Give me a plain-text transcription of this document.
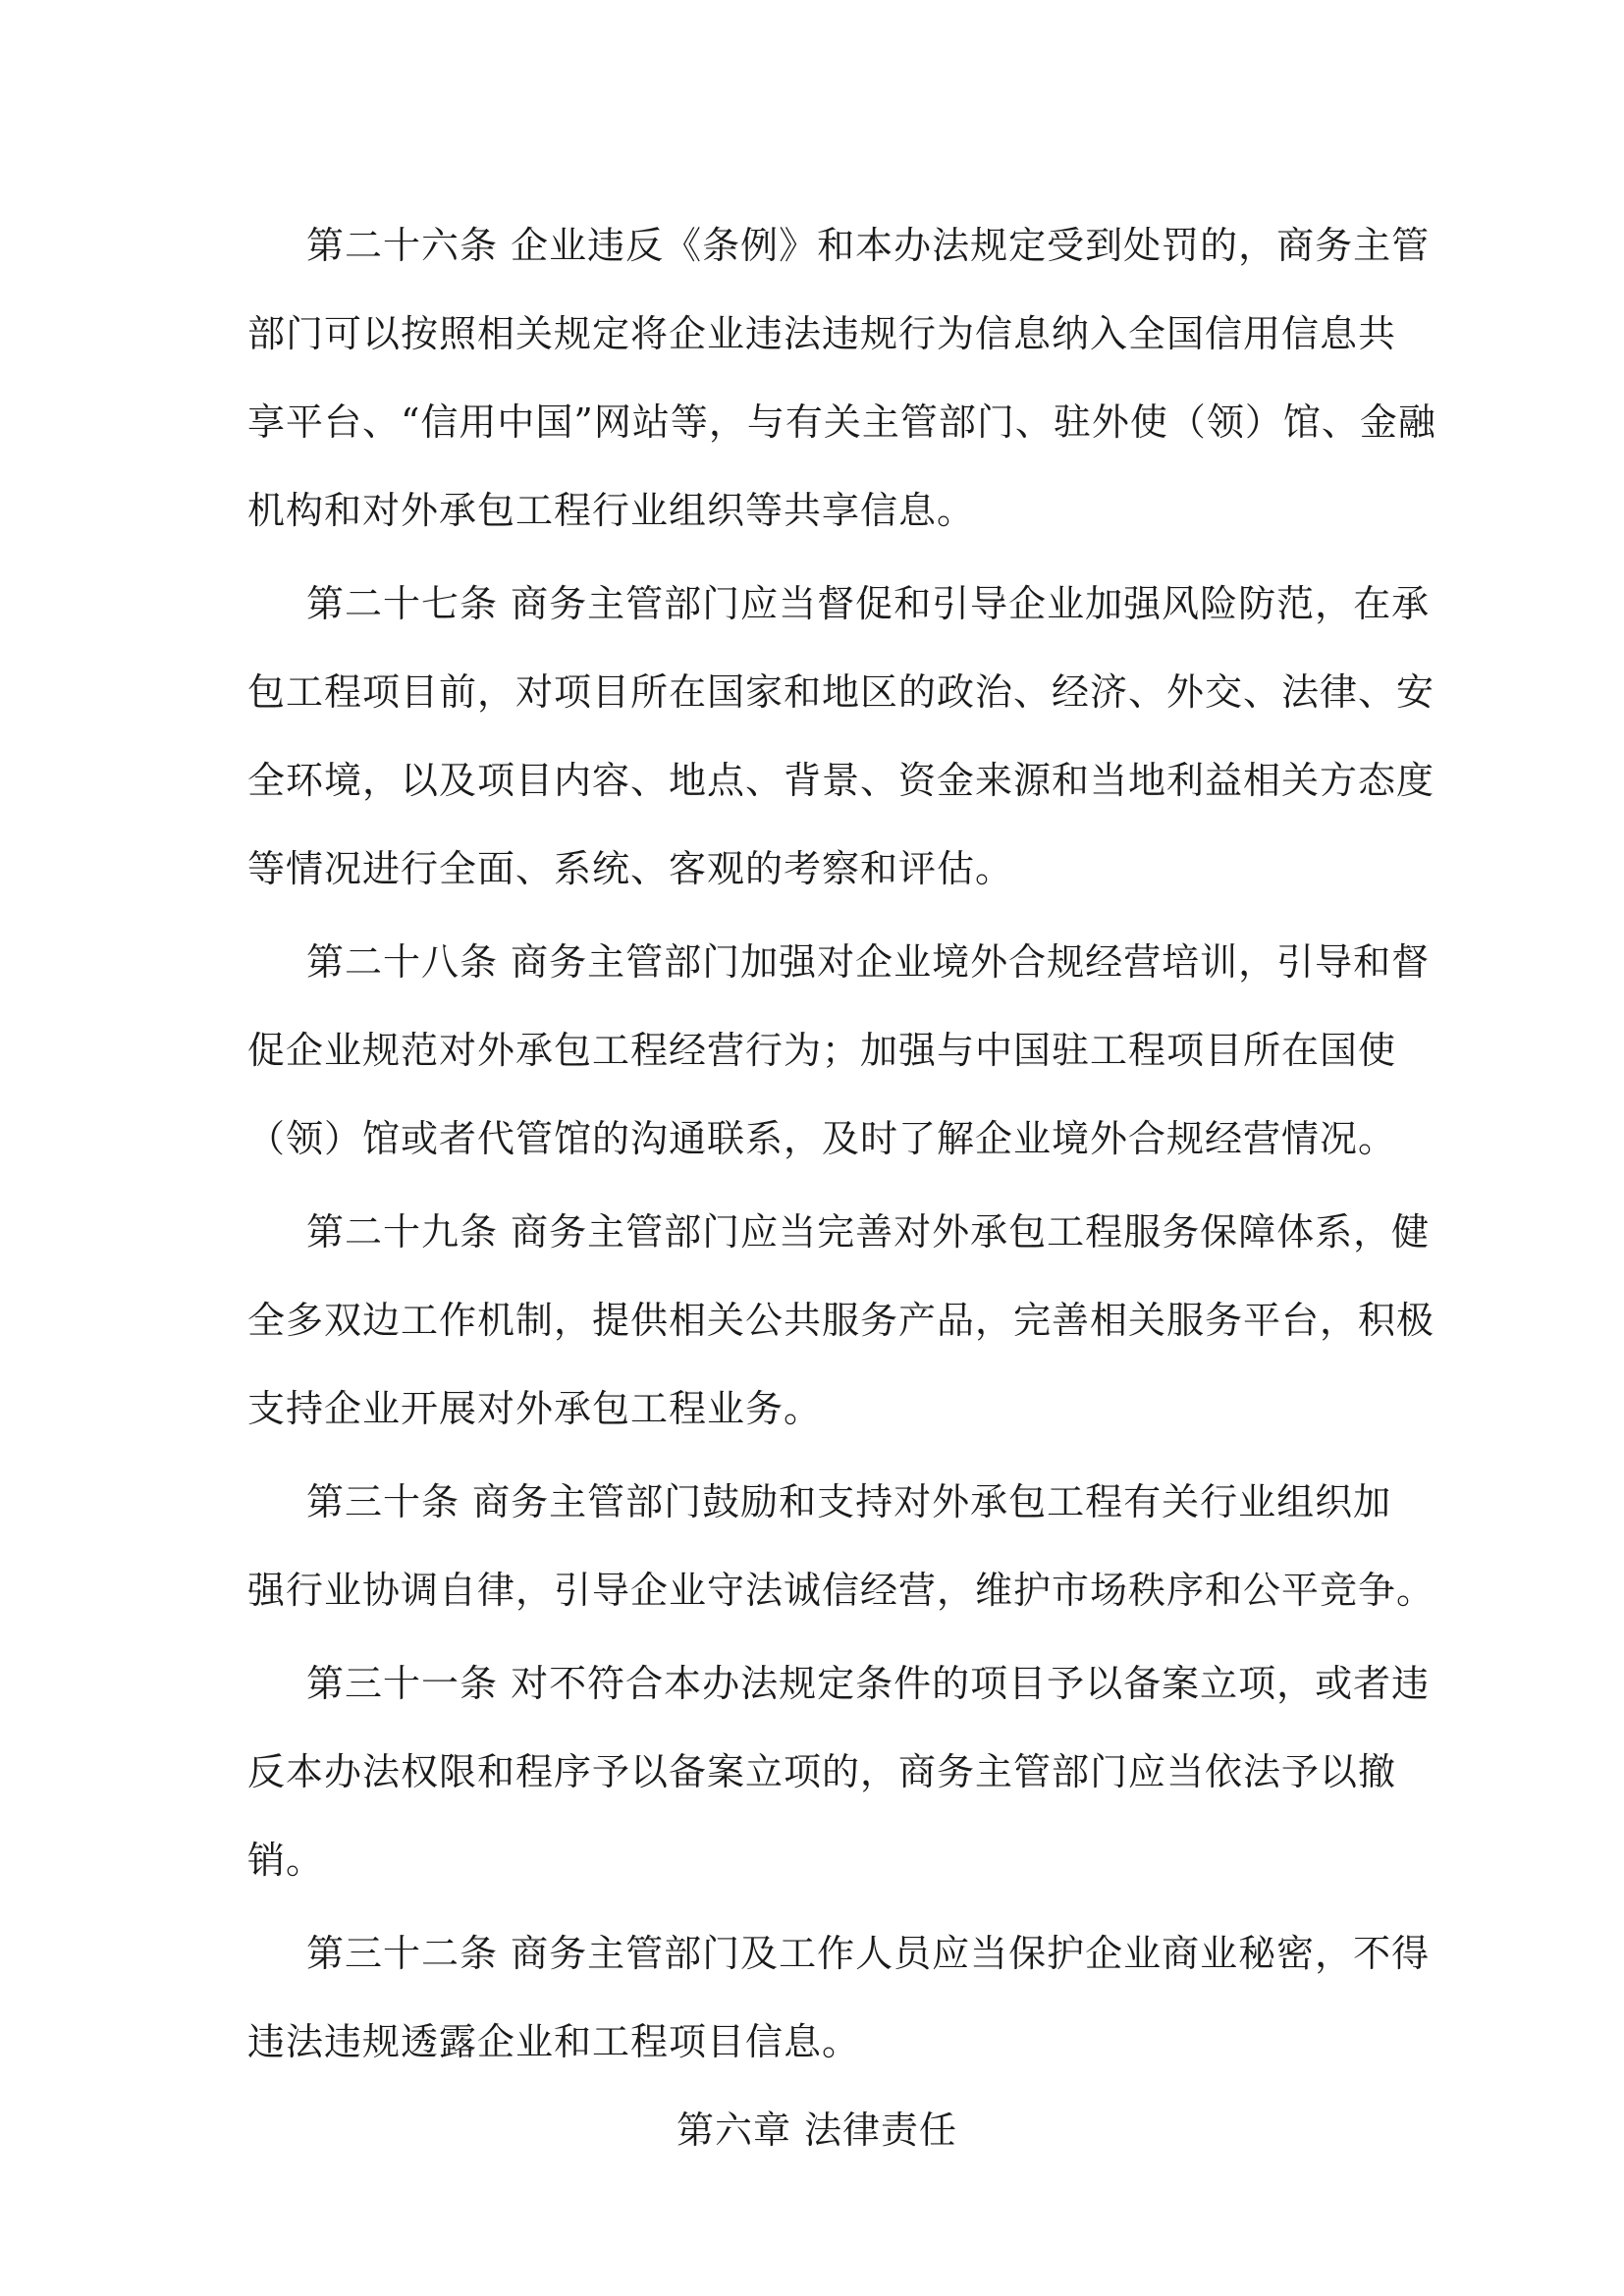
第二十六条 企业违反《条例》和本办法规定受到处罚的，商务主管
部门可以按照相关规定将企业违法违规行为信息纳入全国信用信息共
享平台、“信用中国”网站等，与有关主管部门、驻外使（领）馆、金融
机构和对外承包工程行业组织等共享信息。
第二十七条 商务主管部门应当督促和引导企业加强风险防范，在承
包工程项目前，对项目所在国家和地区的政治、经济、外交、法律、安
全环境，以及项目内容、地点、背景、资金来源和当地利益相关方态度
等情况进行全面、系统、客观的考察和评估。
第二十八条 商务主管部门加强对企业境外合规经营培训，引导和督
促企业规范对外承包工程经营行为；加强与中国驻工程项目所在国使
（领）馆或者代管馆的沟通联系，及时了解企业境外合规经营情况。
第二十九条 商务主管部门应当完善对外承包工程服务保障体系，健
全多双边工作机制，提供相关公共服务产品，完善相关服务平台，积极
支持企业开展对外承包工程业务。
第三十条 商务主管部门鼓励和支持对外承包工程有关行业组织加
强行业协调自律，引导企业守法诚信经营，维护市场秩序和公平竞争。
第三十一条 对不符合本办法规定条件的项目予以备案立项，或者违
反本办法权限和程序予以备案立项的，商务主管部门应当依法予以撤
销。
第三十二条 商务主管部门及工作人员应当保护企业商业秘密，不得
违法违规透露企业和工程项目信息。
第六章 法律责任
